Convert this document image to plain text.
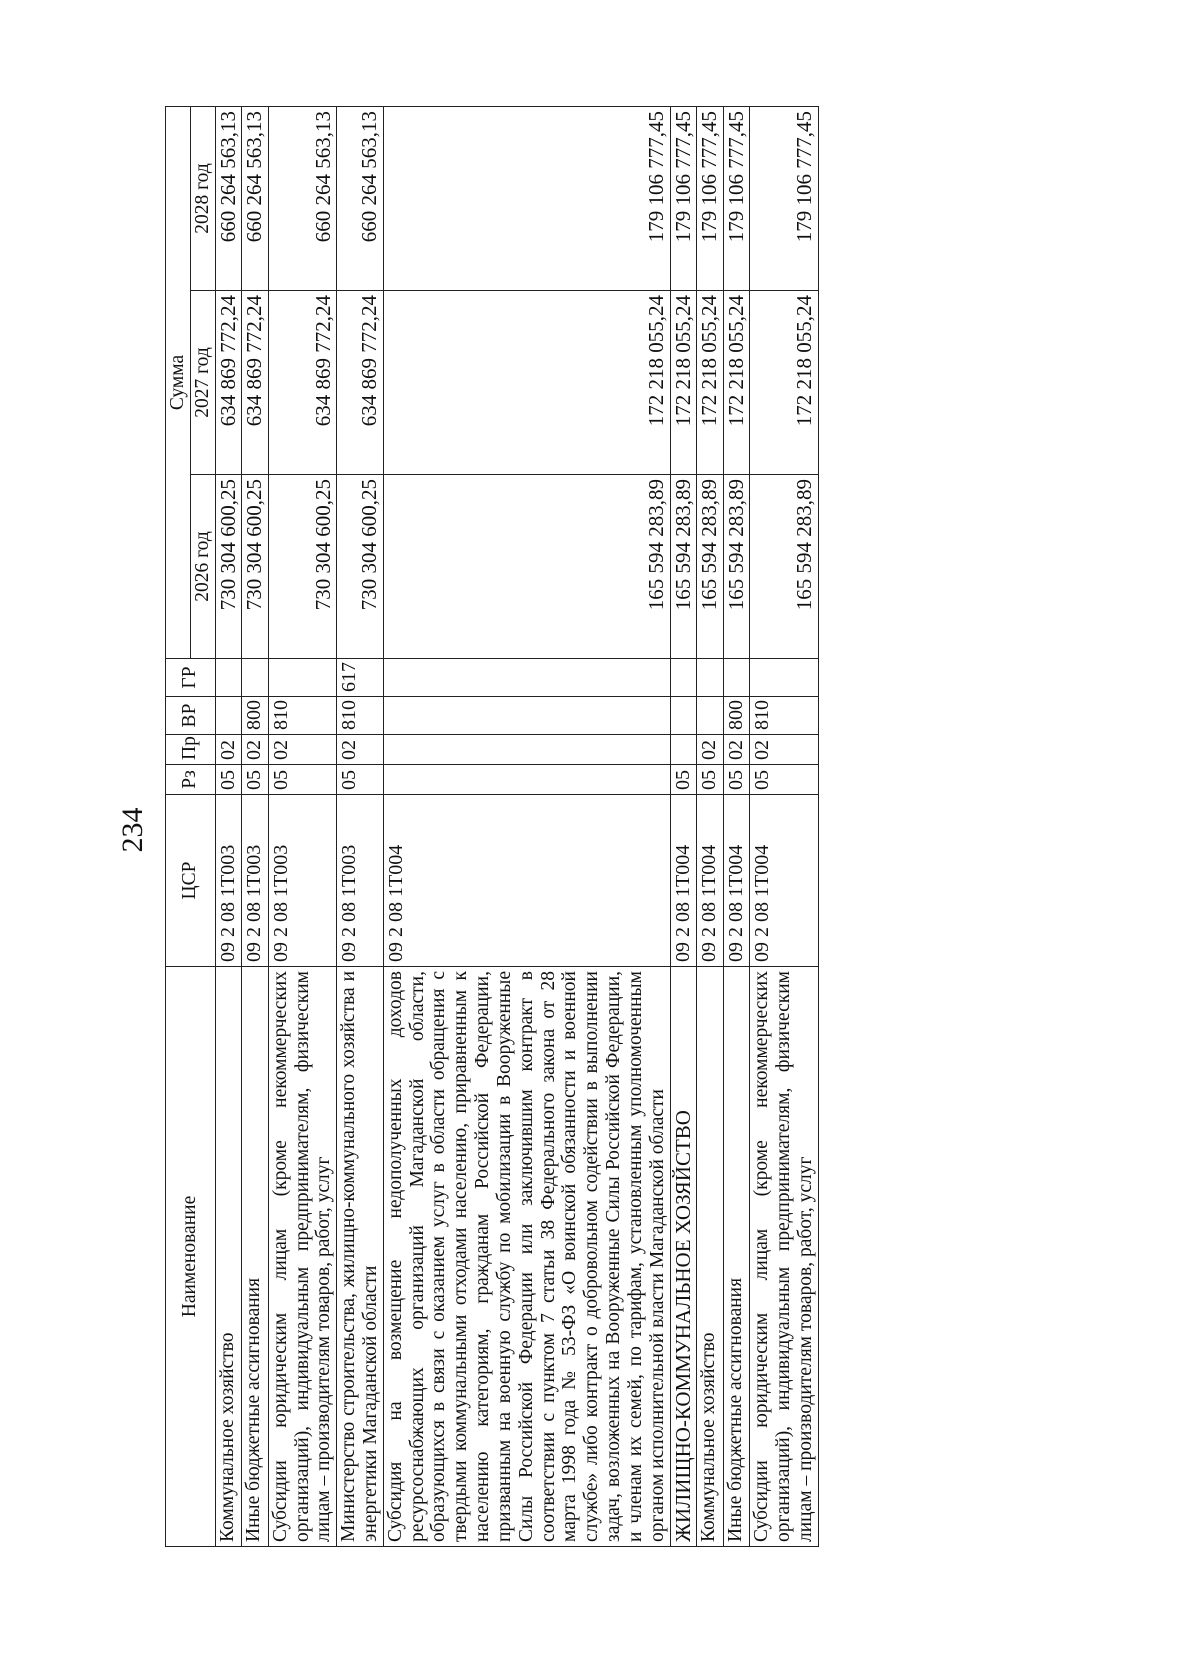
234
Наименование	ЦСР	Рз	Пр	ВР	ГР	Сумма		
						2026 год	2027 год	2028 год
Коммунальное хозяйство	09 2 08 1Т003	05	02			730 304 600,25	634 869 772,24	660 264 563,13
Иные бюджетные ассигнования	09 2 08 1Т003	05	02	800		730 304 600,25	634 869 772,24	660 264 563,13
Субсидии юридическим лицам (кроме некоммерческих организаций), индивидуальным предпринимателям, физическим лицам – производителям товаров, работ, услуг	09 2 08 1Т003	05	02	810		730 304 600,25	634 869 772,24	660 264 563,13
Министерство строительства, жилищно-коммунального хозяйства и энергетики Магаданской области	09 2 08 1Т003	05	02	810	617	730 304 600,25	634 869 772,24	660 264 563,13
Субсидия на возмещение недополученных доходов ресурсоснабжающих организаций Магаданской области, образующихся в связи с оказанием услуг в области обращения с твердыми коммунальными отходами населению, приравненным к населению категориям, гражданам Российской Федерации, призванным на военную службу по мобилизации в Вооруженные Силы Российской Федерации или заключившим контракт в соответствии с пунктом 7 статьи 38 Федерального закона от 28 марта 1998 года № 53-ФЗ «О воинской обязанности и военной службе» либо контракт о добровольном содействии в выполнении задач, возложенных на Вооруженные Силы Российской Федерации, и членам их семей, по тарифам, установленным уполномоченным органом исполнительной власти Магаданской области	09 2 08 1Т004					165 594 283,89	172 218 055,24	179 106 777,45
ЖИЛИЩНО-КОММУНАЛЬНОЕ ХОЗЯЙСТВО	09 2 08 1Т004	05				165 594 283,89	172 218 055,24	179 106 777,45
Коммунальное хозяйство	09 2 08 1Т004	05	02			165 594 283,89	172 218 055,24	179 106 777,45
Иные бюджетные ассигнования	09 2 08 1Т004	05	02	800		165 594 283,89	172 218 055,24	179 106 777,45
Субсидии юридическим лицам (кроме некоммерческих организаций), индивидуальным предпринимателям, физическим лицам – производителям товаров, работ, услуг	09 2 08 1Т004	05	02	810		165 594 283,89	172 218 055,24	179 106 777,45
